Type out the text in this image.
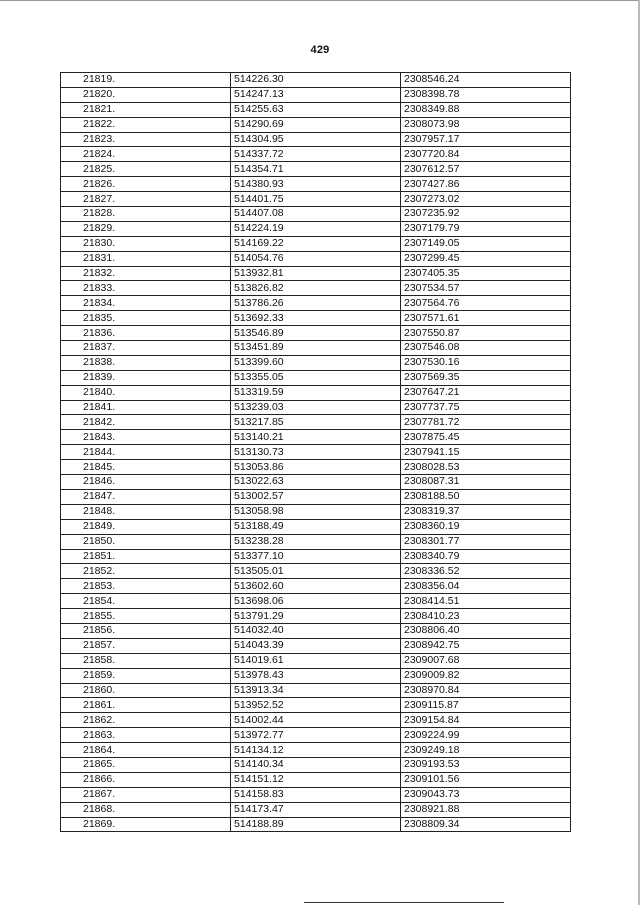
429
21819.	514226.30	2308546.24
21820.	514247.13	2308398.78
21821.	514255.63	2308349.88
21822.	514290.69	2308073.98
21823.	514304.95	2307957.17
21824.	514337.72	2307720.84
21825.	514354.71	2307612.57
21826.	514380.93	2307427.86
21827.	514401.75	2307273.02
21828.	514407.08	2307235.92
21829.	514224.19	2307179.79
21830.	514169.22	2307149.05
21831.	514054.76	2307299.45
21832.	513932.81	2307405.35
21833.	513826.82	2307534.57
21834.	513786.26	2307564.76
21835.	513692.33	2307571.61
21836.	513546.89	2307550.87
21837.	513451.89	2307546.08
21838.	513399.60	2307530.16
21839.	513355.05	2307569.35
21840.	513319.59	2307647.21
21841.	513239.03	2307737.75
21842.	513217.85	2307781.72
21843.	513140.21	2307875.45
21844.	513130.73	2307941.15
21845.	513053.86	2308028.53
21846.	513022.63	2308087.31
21847.	513002.57	2308188.50
21848.	513058.98	2308319.37
21849.	513188.49	2308360.19
21850.	513238.28	2308301.77
21851.	513377.10	2308340.79
21852.	513505.01	2308336.52
21853.	513602.60	2308356.04
21854.	513698.06	2308414.51
21855.	513791.29	2308410.23
21856.	514032.40	2308806.40
21857.	514043.39	2308942.75
21858.	514019.61	2309007.68
21859.	513978.43	2309009.82
21860.	513913.34	2308970.84
21861.	513952.52	2309115.87
21862.	514002.44	2309154.84
21863.	513972.77	2309224.99
21864.	514134.12	2309249.18
21865.	514140.34	2309193.53
21866.	514151.12	2309101.56
21867.	514158.83	2309043.73
21868.	514173.47	2308921.88
21869.	514188.89	2308809.34
